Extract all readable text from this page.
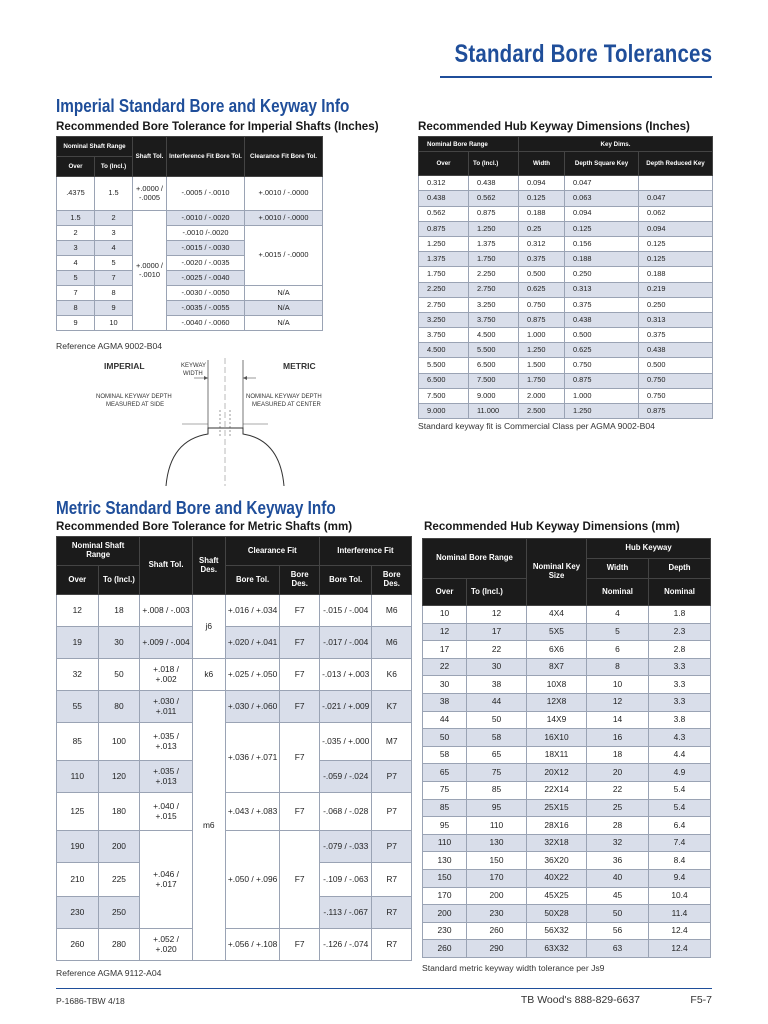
Standard Bore Tolerances
Imperial Standard Bore and Keyway Info
Recommended Bore Tolerance for Imperial Shafts (Inches)	Recommended Hub Keyway Dimensions (Inches)
Nominal Shaft Range		Shaft Tol.	Interference Fit Bore Tol.	Clearance Fit Bore Tol.
Over	To (Incl.)			
.4375	1.5	+.0000 / -.0005	-.0005 / -.0010	+.0010 / -.0000
1.5	2	+.0000 / -.0010	-.0010 / -.0020	+.0010 / -.0000
2	3		-.0010 /-.0020	+.0015 / -.0000
3	4		-.0015 / -.0030	
4	5		-.0020 / -.0035	
5	7		-.0025 / -.0040	
7	8		-.0030 / -.0050	N/A
8	9		-.0035 / -.0055	N/A
9	10		-.0040 / -.0060	N/A
Reference AGMA 9002-B04
IMPERIAL	METRIC
KEYWAY
WIDTH
NOMINAL KEYWAY DEPTH
MEASURED AT SIDE
NOMINAL KEYWAY DEPTH
MEASURED AT CENTER
Nominal Bore Range		Key Dims.		
Over	To (Incl.)	Width	Depth Square Key	Depth Reduced Key
0.312	0.438	0.094	0.047	
0.438	0.562	0.125	0.063	0.047
0.562	0.875	0.188	0.094	0.062
0.875	1.250	0.25	0.125	0.094
1.250	1.375	0.312	0.156	0.125
1.375	1.750	0.375	0.188	0.125
1.750	2.250	0.500	0.250	0.188
2.250	2.750	0.625	0.313	0.219
2.750	3.250	0.750	0.375	0.250
3.250	3.750	0.875	0.438	0.313
3.750	4.500	1.000	0.500	0.375
4.500	5.500	1.250	0.625	0.438
5.500	6.500	1.500	0.750	0.500
6.500	7.500	1.750	0.875	0.750
7.500	9.000	2.000	1.000	0.750
9.000	11.000	2.500	1.250	0.875
Standard keyway fit is Commercial Class per AGMA 9002-B04
Metric Standard Bore and Keyway Info
Recommended Bore Tolerance for Metric Shafts (mm)	Recommended Hub Keyway Dimensions (mm)
Nominal Shaft Range		Shaft Tol.	Shaft Des.	Clearance Fit		Interference Fit	
Over	To (Incl.)			Bore Tol.	Bore Des.	Bore Tol.	Bore Des.
12	18	+.008 / -.003	j6	+.016 / +.034	F7	-.015 / -.004	M6
19	30	+.009 / -.004		+.020 / +.041	F7	-.017 / -.004	M6
32	50	+.018 / +.002	k6	+.025 / +.050	F7	-.013 / +.003	K6
55	80	+.030 / +.011	m6	+.030 / +.060	F7	-.021 / +.009	K7
85	100	+.035 / +.013		+.036 / +.071	F7	-.035 / +.000	M7
110	120	+.035 / +.013				-.059 / -.024	P7
125	180	+.040 / +.015		+.043 / +.083	F7	-.068 / -.028	P7
190	200	+.046 / +.017		+.050 / +.096	F7	-.079 / -.033	P7
210	225					-.109 / -.063	R7
230	250					-.113 / -.067	R7
260	280	+.052 / +.020		+.056 / +.108	F7	-.126 / -.074	R7
Reference AGMA 9112-A04
Nominal Bore Range		Nominal Key Size	Hub Keyway	
			Width	Depth
Over	To (Incl.)		Nominal	Nominal
10	12	4X4	4	1.8
12	17	5X5	5	2.3
17	22	6X6	6	2.8
22	30	8X7	8	3.3
30	38	10X8	10	3.3
38	44	12X8	12	3.3
44	50	14X9	14	3.8
50	58	16X10	16	4.3
58	65	18X11	18	4.4
65	75	20X12	20	4.9
75	85	22X14	22	5.4
85	95	25X15	25	5.4
95	110	28X16	28	6.4
110	130	32X18	32	7.4
130	150	36X20	36	8.4
150	170	40X22	40	9.4
170	200	45X25	45	10.4
200	230	50X28	50	11.4
230	260	56X32	56	12.4
260	290	63X32	63	12.4
Standard metric keyway width tolerance per Js9
P-1686-TBW 4/18	TB Wood's 888-829-6637	F5-7
